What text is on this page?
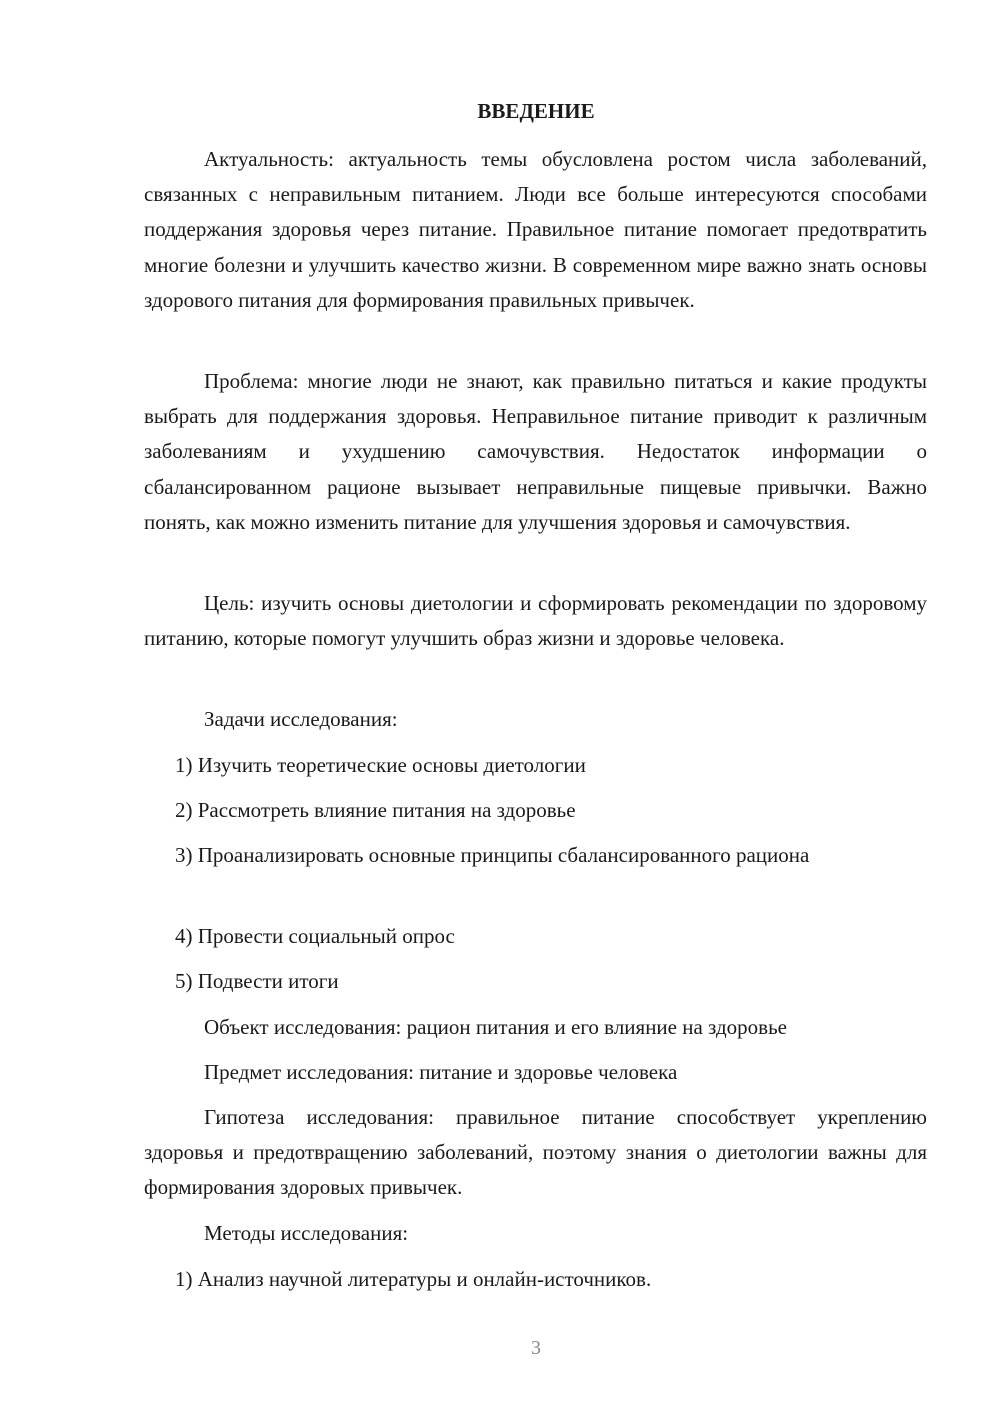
ВВЕДЕНИЕ

Актуальность: актуальность темы обусловлена ростом числа заболеваний, связанных с неправильным питанием. Люди все больше интересуются способами поддержания здоровья через питание. Правильное питание помогает предотвратить многие болезни и улучшить качество жизни. В современном мире важно знать основы здорового питания для формирования правильных привычек.

Проблема: многие люди не знают, как правильно питаться и какие продукты выбрать для поддержания здоровья. Неправильное питание приводит к различным заболеваниям и ухудшению самочувствия. Недостаток информации о сбалансированном рационе вызывает неправильные пищевые привычки. Важно понять, как можно изменить питание для улучшения здоровья и самочувствия.

Цель: изучить основы диетологии и сформировать рекомендации по здоровому питанию, которые помогут улучшить образ жизни и здоровье человека.

Задачи исследования:

1) Изучить теоретические основы диетологии

2) Рассмотреть влияние питания на здоровье

3) Проанализировать основные принципы сбалансированного рациона

4) Провести социальный опрос

5) Подвести итоги

Объект исследования: рацион питания и его влияние на здоровье

Предмет исследования: питание и здоровье человека

Гипотеза исследования: правильное питание способствует укреплению здоровья и предотвращению заболеваний, поэтому знания о диетологии важны для формирования здоровых привычек.

Методы исследования:

1) Анализ научной литературы и онлайн-источников.

3
